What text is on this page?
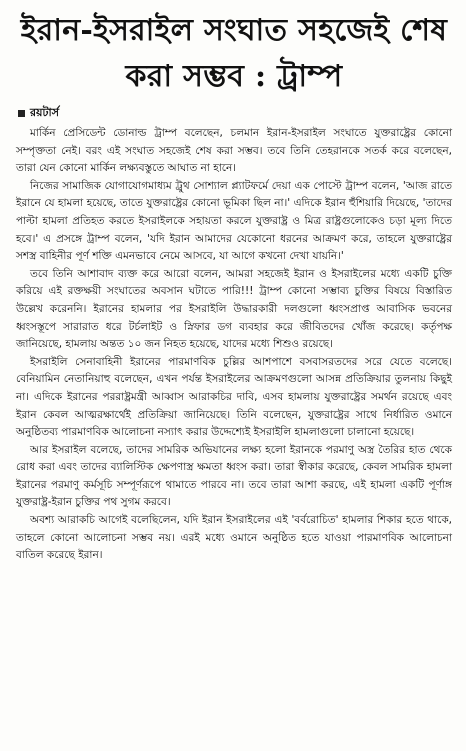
ইরান-ইসরাইল সংঘাত সহজেই শেষ করা সম্ভব : ট্রাম্প
রয়টার্স

মার্কিন প্রেসিডেন্ট ডোনাল্ড ট্রাম্প বলেছেন, চলমান ইরান-ইসরাইল সংঘাতে যুক্তরাষ্ট্রের কোনো সম্পৃক্ততা নেই। বরং এই সংঘাত সহজেই শেষ করা সম্ভব। তবে তিনি তেহরানকে সতর্ক করে বলেছেন, তারা যেন কোনো মার্কিন লক্ষ্যবস্তুতে আঘাত না হানে।

নিজের সামাজিক যোগাযোগমাধ্যম ট্রুথ সোশ্যাল প্ল্যাটফর্মে দেয়া এক পোস্টে ট্রাম্প বলেন, 'আজ রাতে ইরানে যে হামলা হয়েছে, তাতে যুক্তরাষ্ট্রের কোনো ভূমিকা ছিল না।' এদিকে ইরান হুঁশিয়ারি দিয়েছে, 'তাদের পাল্টা হামলা প্রতিহত করতে ইসরাইলকে সহায়তা করলে যুক্তরাষ্ট্র ও মিত্র রাষ্ট্রগুলোকেও চড়া মূল্য দিতে হবে।' এ প্রসঙ্গে ট্রাম্প বলেন, 'যদি ইরান আমাদের যেকোনো ধরনের আক্রমণ করে, তাহলে যুক্তরাষ্ট্রের সশস্ত্র বাহিনীর পূর্ণ শক্তি এমনভাবে নেমে আসবে, যা আগে কখনো দেখা যায়নি।'

তবে তিনি আশাবাদ ব্যক্ত করে আরো বলেন, আমরা সহজেই ইরান ও ইসরাইলের মধ্যে একটি চুক্তি করিয়ে এই রক্তক্ষয়ী সংঘাতের অবসান ঘটাতে পারি!!! ট্রাম্প কোনো সম্ভাব্য চুক্তির বিষয়ে বিস্তারিত উল্লেখ করেননি। ইরানের হামলার পর ইসরাইলি উদ্ধারকারী দলগুলো ধ্বংসপ্রাপ্ত আবাসিক ভবনের ধ্বংসস্তূপে সারারাত ধরে টর্চলাইট ও স্নিফার ডগ ব্যবহার করে জীবিতদের খোঁজ করেছে। কর্তৃপক্ষ জানিয়েছে, হামলায় অন্তত ১০ জন নিহত হয়েছে, যাদের মধ্যে শিশুও রয়েছে।

ইসরাইলি সেনাবাহিনী ইরানের পারমাণবিক চুল্লির আশপাশে বসবাসরতদের সরে যেতে বলেছে। বেনিয়ামিন নেতানিয়াহু বলেছেন, এখন পর্যন্ত ইসরাইলের আক্রমণগুলো আসন্ন প্রতিক্রিয়ার তুলনায় কিছুই না। এদিকে ইরানের পররাষ্ট্রমন্ত্রী আব্বাস আরাকচির দাবি, এসব হামলায় যুক্তরাষ্ট্রের সমর্থন রয়েছে এবং ইরান কেবল আত্মরক্ষার্থেই প্রতিক্রিয়া জানিয়েছে। তিনি বলেছেন, যুক্তরাষ্ট্রের সাথে নির্ধারিত ওমানে অনুষ্ঠিতব্য পারমাণবিক আলোচনা নস্যাৎ করার উদ্দেশ্যেই ইসরাইলি হামলাগুলো চালানো হয়েছে।

আর ইসরাইল বলেছে, তাদের সামরিক অভিযানের লক্ষ্য হলো ইরানকে পরমাণু অস্ত্র তৈরির হাত থেকে রোধ করা এবং তাদের ব্যালিস্টিক ক্ষেপণাস্ত্র ক্ষমতা ধ্বংস করা। তারা স্বীকার করেছে, কেবল সামরিক হামলা ইরানের পরমাণু কর্মসূচি সম্পূর্ণরূপে থামাতে পারবে না। তবে তারা আশা করছে, এই হামলা একটি পূর্ণাঙ্গ যুক্তরাষ্ট্র-ইরান চুক্তির পথ সুগম করবে।

অবশ্য আরাকচি আগেই বলেছিলেন, যদি ইরান ইসরাইলের এই 'বর্বরোচিত' হামলার শিকার হতে থাকে, তাহলে কোনো আলোচনা সম্ভব নয়। এরই মধ্যে ওমানে অনুষ্ঠিত হতে যাওয়া পারমাণবিক আলোচনা বাতিল করেছে ইরান।
